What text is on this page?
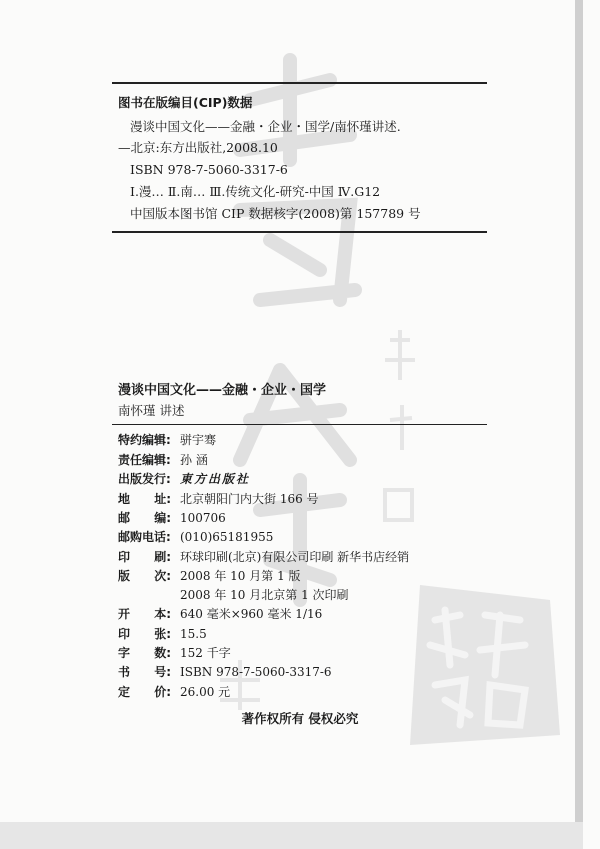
图书在版编目(CIP)数据
漫谈中国文化——金融・企业・国学/南怀瑾讲述.
—北京:东方出版社,2008.10
ISBN 978-7-5060-3317-6
Ⅰ.漫… Ⅱ.南… Ⅲ.传统文化-研究-中国 Ⅳ.G12
中国版本图书馆 CIP 数据核字(2008)第 157789 号
漫谈中国文化——金融・企业・国学
南怀瑾 讲述
特约编辑: 骈宇骞
责任编辑: 孙 涵
出版发行: 東方出版社
地 址: 北京朝阳门内大街 166 号
邮 编: 100706
邮购电话: (010)65181955
印 刷: 环球印刷(北京)有限公司印刷 新华书店经销
版 次: 2008 年 10 月第 1 版
2008 年 10 月北京第 1 次印刷
开 本: 640 毫米×960 毫米 1/16
印 张: 15.5
字 数: 152 千字
书 号: ISBN 978-7-5060-3317-6
定 价: 26.00 元
著作权所有 侵权必究
